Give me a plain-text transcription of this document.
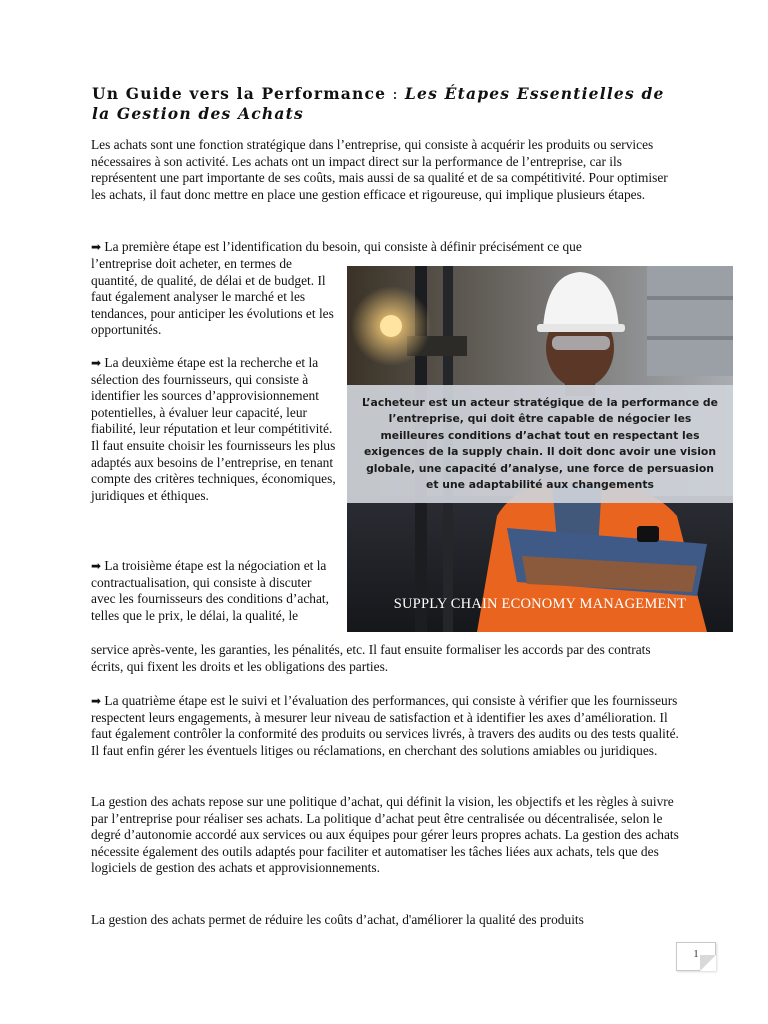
Un Guide vers la Performance : Les Étapes Essentielles de la Gestion des Achats

Les achats sont une fonction stratégique dans l’entreprise, qui consiste à acquérir les produits ou services nécessaires à son activité. Les achats ont un impact direct sur la performance de l’entreprise, car ils représentent une part importante de ses coûts, mais aussi de sa qualité et de sa compétitivité. Pour optimiser les achats, il faut donc mettre en place une gestion efficace et rigoureuse, qui implique plusieurs étapes.

➡ La première étape est l’identification du besoin, qui consiste à définir précisément ce que

l’entreprise doit acheter, en termes de quantité, de qualité, de délai et de budget. Il faut également analyser le marché et les tendances, pour anticiper les évolutions et les opportunités.

➡ La deuxième étape est la recherche et la sélection des fournisseurs, qui consiste à identifier les sources d’approvisionnement potentielles, à évaluer leur capacité, leur fiabilité, leur réputation et leur compétitivité. Il faut ensuite choisir les fournisseurs les plus adaptés aux besoins de l’entreprise, en tenant compte des critères techniques, économiques, juridiques et éthiques.

➡ La troisième étape est la négociation et la contractualisation, qui consiste à discuter avec les fournisseurs des conditions d’achat, telles que le prix, le délai, la qualité, le

service après-vente, les garanties, les pénalités, etc. Il faut ensuite formaliser les accords par des contrats écrits, qui fixent les droits et les obligations des parties.

➡ La quatrième étape est le suivi et l’évaluation des performances, qui consiste à vérifier que les fournisseurs respectent leurs engagements, à mesurer leur niveau de satisfaction et à identifier les axes d’amélioration. Il faut également contrôler la conformité des produits ou services livrés, à travers des audits ou des tests qualité. Il faut enfin gérer les éventuels litiges ou réclamations, en cherchant des solutions amiables ou juridiques.

La gestion des achats repose sur une politique d’achat, qui définit la vision, les objectifs et les règles à suivre par l’entreprise pour réaliser ses achats. La politique d’achat peut être centralisée ou décentralisée, selon le degré d’autonomie accordé aux services ou aux équipes pour gérer leurs propres achats. La gestion des achats nécessite également des outils adaptés pour faciliter et automatiser les tâches liées aux achats, tels que des logiciels de gestion des achats et approvisionnements.

La gestion des achats permet de réduire les coûts d’achat, d'améliorer la qualité des produits

L’acheteur est un acteur stratégique de la performance de l’entreprise, qui doit être capable de négocier les meilleures conditions d’achat tout en respectant les exigences de la supply chain. Il doit donc avoir une vision globale, une capacité d’analyse, une force de persuasion et une adaptabilité aux changements

SUPPLY CHAIN ECONOMY MANAGEMENT
1
